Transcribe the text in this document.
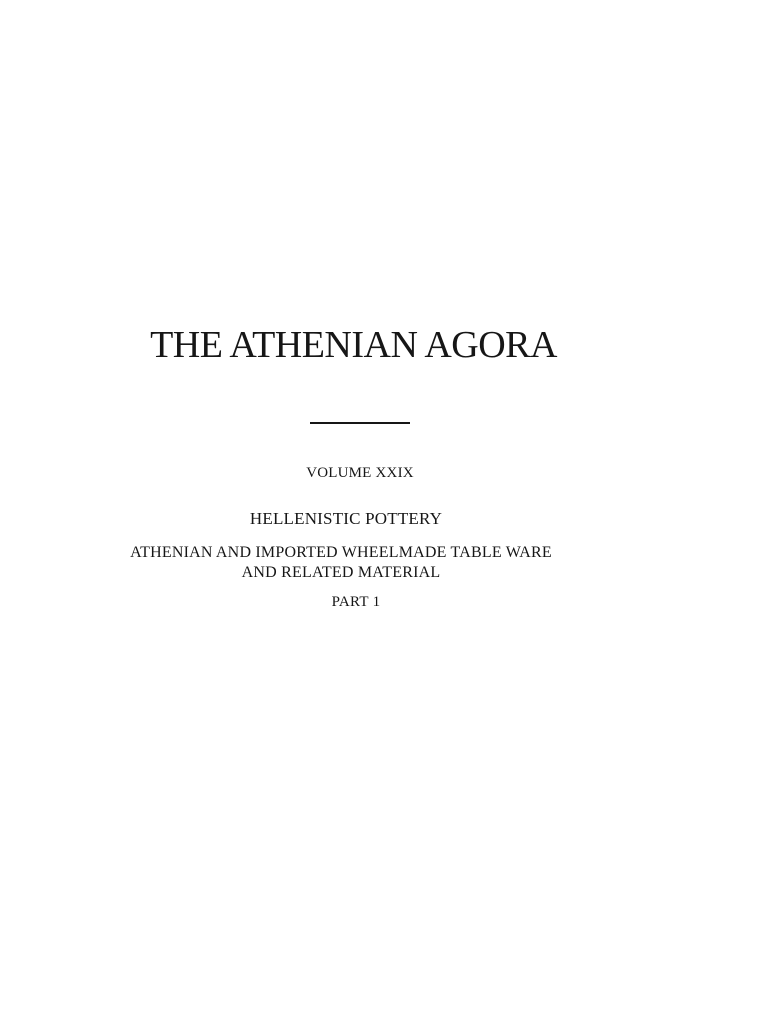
THE ATHENIAN AGORA
VOLUME XXIX
HELLENISTIC POTTERY
ATHENIAN AND IMPORTED WHEELMADE TABLE WARE
AND RELATED MATERIAL
PART 1
